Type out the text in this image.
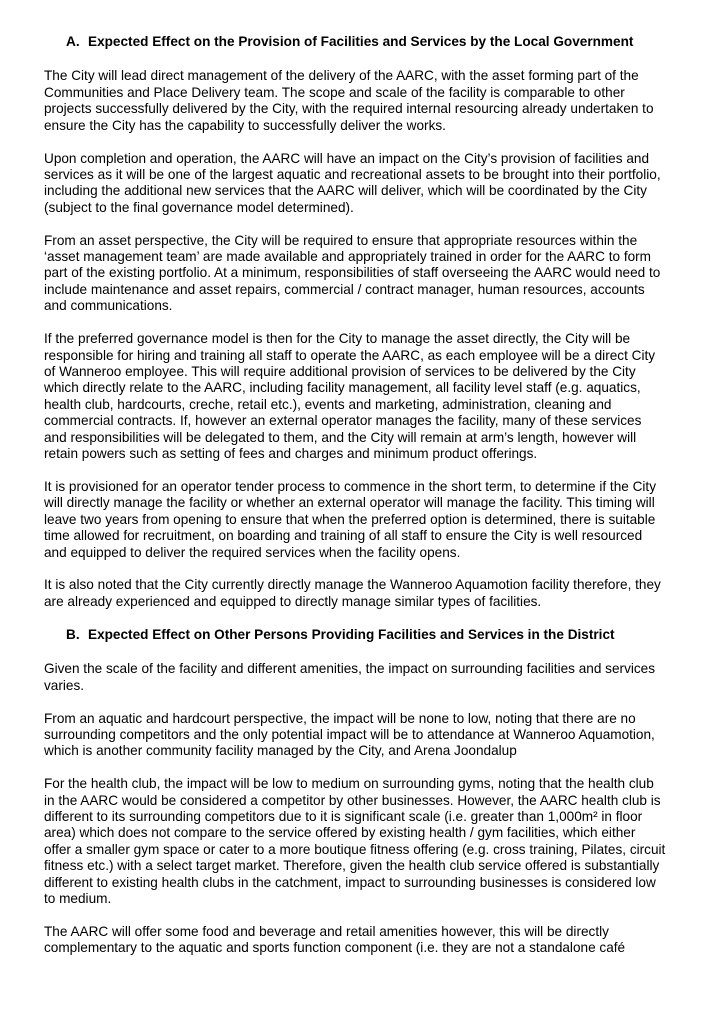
A. Expected Effect on the Provision of Facilities and Services by the Local Government

The City will lead direct management of the delivery of the AARC, with the asset forming part of the Communities and Place Delivery team. The scope and scale of the facility is comparable to other projects successfully delivered by the City, with the required internal resourcing already undertaken to ensure the City has the capability to successfully deliver the works.

Upon completion and operation, the AARC will have an impact on the City’s provision of facilities and services as it will be one of the largest aquatic and recreational assets to be brought into their portfolio, including the additional new services that the AARC will deliver, which will be coordinated by the City (subject to the final governance model determined).

From an asset perspective, the City will be required to ensure that appropriate resources within the ‘asset management team’ are made available and appropriately trained in order for the AARC to form part of the existing portfolio. At a minimum, responsibilities of staff overseeing the AARC would need to include maintenance and asset repairs, commercial / contract manager, human resources, accounts and communications.

If the preferred governance model is then for the City to manage the asset directly, the City will be responsible for hiring and training all staff to operate the AARC, as each employee will be a direct City of Wanneroo employee. This will require additional provision of services to be delivered by the City which directly relate to the AARC, including facility management, all facility level staff (e.g. aquatics, health club, hardcourts, creche, retail etc.), events and marketing, administration, cleaning and commercial contracts. If, however an external operator manages the facility, many of these services and responsibilities will be delegated to them, and the City will remain at arm’s length, however will retain powers such as setting of fees and charges and minimum product offerings.

It is provisioned for an operator tender process to commence in the short term, to determine if the City will directly manage the facility or whether an external operator will manage the facility. This timing will leave two years from opening to ensure that when the preferred option is determined, there is suitable time allowed for recruitment, on boarding and training of all staff to ensure the City is well resourced and equipped to deliver the required services when the facility opens.

It is also noted that the City currently directly manage the Wanneroo Aquamotion facility therefore, they are already experienced and equipped to directly manage similar types of facilities.

B. Expected Effect on Other Persons Providing Facilities and Services in the District

Given the scale of the facility and different amenities, the impact on surrounding facilities and services varies.

From an aquatic and hardcourt perspective, the impact will be none to low, noting that there are no surrounding competitors and the only potential impact will be to attendance at Wanneroo Aquamotion, which is another community facility managed by the City, and Arena Joondalup

For the health club, the impact will be low to medium on surrounding gyms, noting that the health club in the AARC would be considered a competitor by other businesses. However, the AARC health club is different to its surrounding competitors due to it is significant scale (i.e. greater than 1,000m² in floor area) which does not compare to the service offered by existing health / gym facilities, which either offer a smaller gym space or cater to a more boutique fitness offering (e.g. cross training, Pilates, circuit fitness etc.) with a select target market. Therefore, given the health club service offered is substantially different to existing health clubs in the catchment, impact to surrounding businesses is considered low to medium.

The AARC will offer some food and beverage and retail amenities however, this will be directly complementary to the aquatic and sports function component (i.e. they are not a standalone café
